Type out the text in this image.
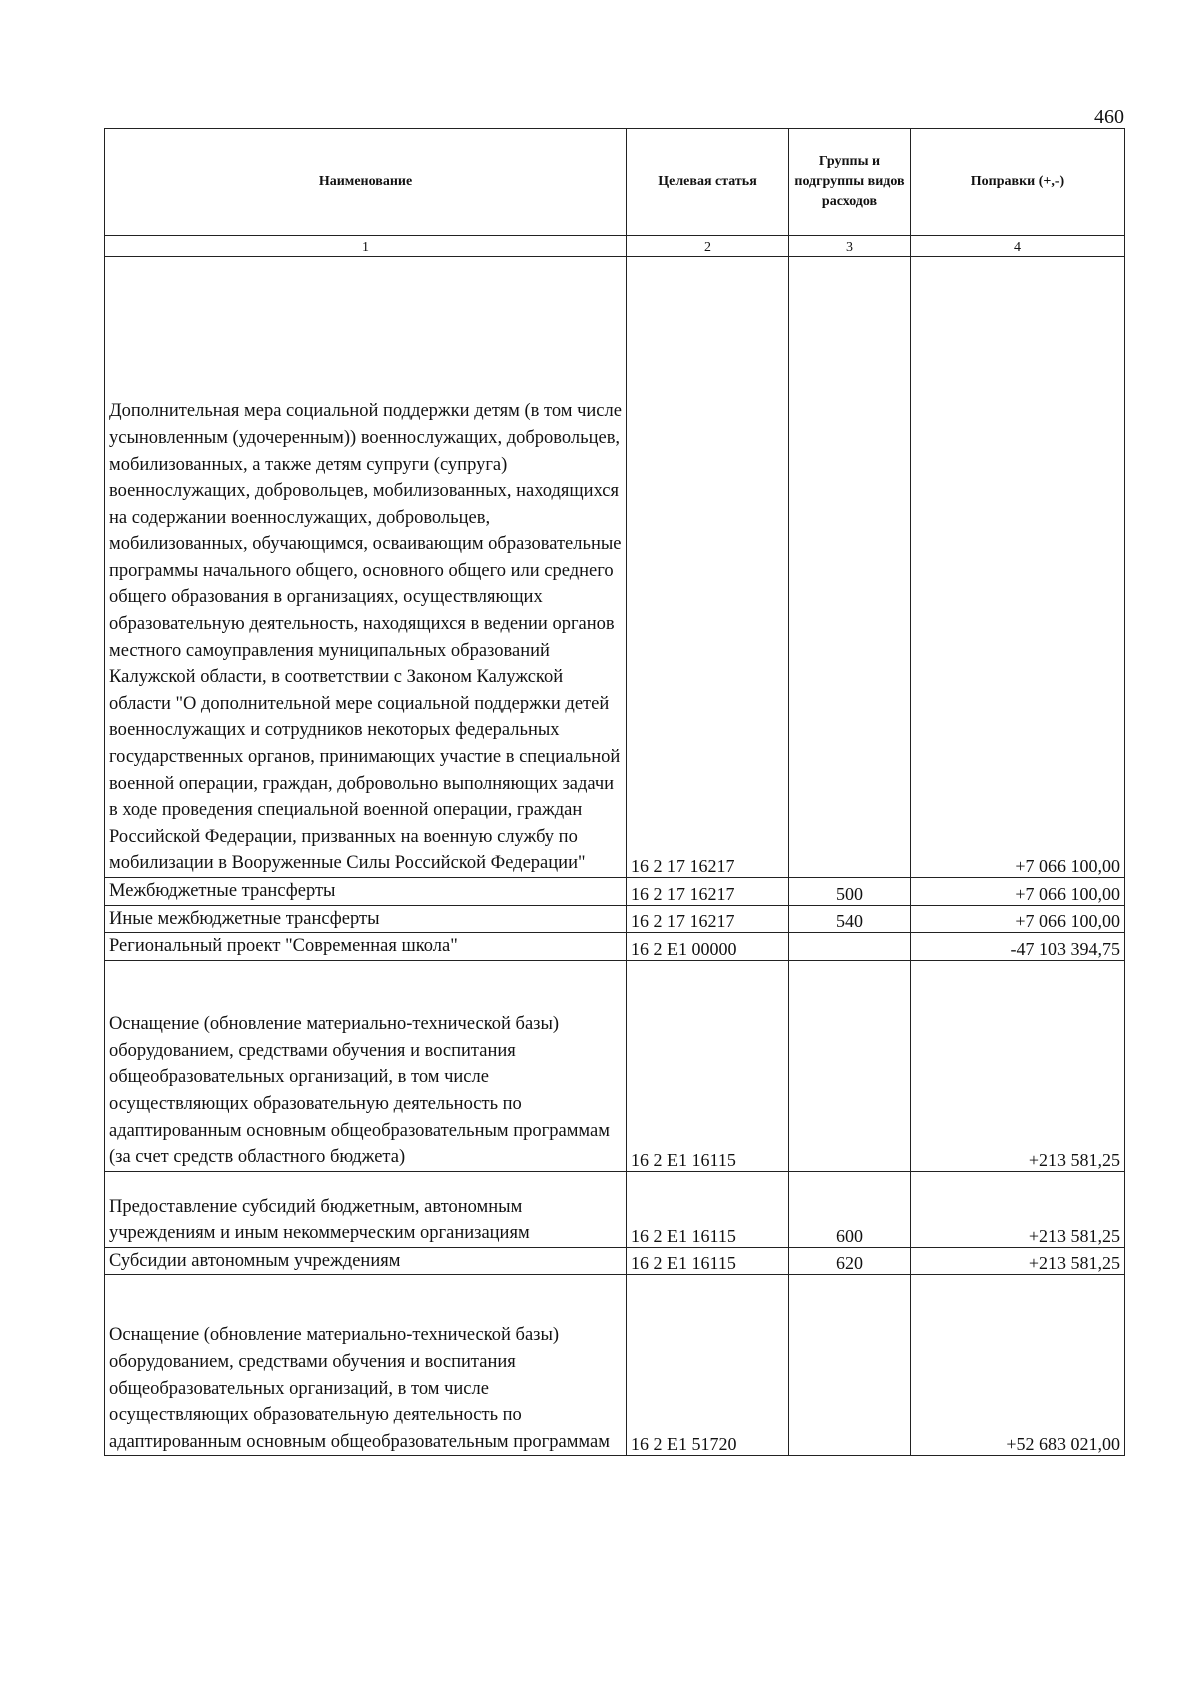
460
Наименование	Целевая статья	Группы и подгруппы видов расходов	Поправки (+,-)
1	2	3	4
Дополнительная мера социальной поддержки детям (в том числе усыновленным (удочеренным)) военнослужащих, добровольцев, мобилизованных, а также детям супруги (супруга) военнослужащих, добровольцев, мобилизованных, находящихся на содержании военнослужащих, добровольцев, мобилизованных, обучающимся, осваивающим образовательные программы начального общего, основного общего или среднего общего образования в организациях, осуществляющих образовательную деятельность, находящихся в ведении органов местного самоуправления муниципальных образований Калужской области, в соответствии с Законом Калужской области "О дополнительной мере социальной поддержки детей военнослужащих и сотрудников некоторых федеральных государственных органов, принимающих участие в специальной военной операции, граждан, добровольно выполняющих задачи в ходе проведения специальной военной операции, граждан Российской Федерации, призванных на военную службу по мобилизации в Вооруженные Силы Российской Федерации"	16 2 17 16217		+7 066 100,00
Межбюджетные трансферты	16 2 17 16217	500	+7 066 100,00
Иные межбюджетные трансферты	16 2 17 16217	540	+7 066 100,00
Региональный проект "Современная школа"	16 2 E1 00000		-47 103 394,75
Оснащение (обновление материально-технической базы) оборудованием, средствами обучения и воспитания общеобразовательных организаций, в том числе осуществляющих образовательную деятельность по адаптированным основным общеобразовательным программам (за счет средств областного бюджета)	16 2 E1 16115		+213 581,25
Предоставление субсидий бюджетным, автономным учреждениям и иным некоммерческим организациям	16 2 E1 16115	600	+213 581,25
Субсидии автономным учреждениям	16 2 E1 16115	620	+213 581,25
Оснащение (обновление материально-технической базы) оборудованием, средствами обучения и воспитания общеобразовательных организаций, в том числе осуществляющих образовательную деятельность по адаптированным основным общеобразовательным программам	16 2 E1 51720		+52 683 021,00
